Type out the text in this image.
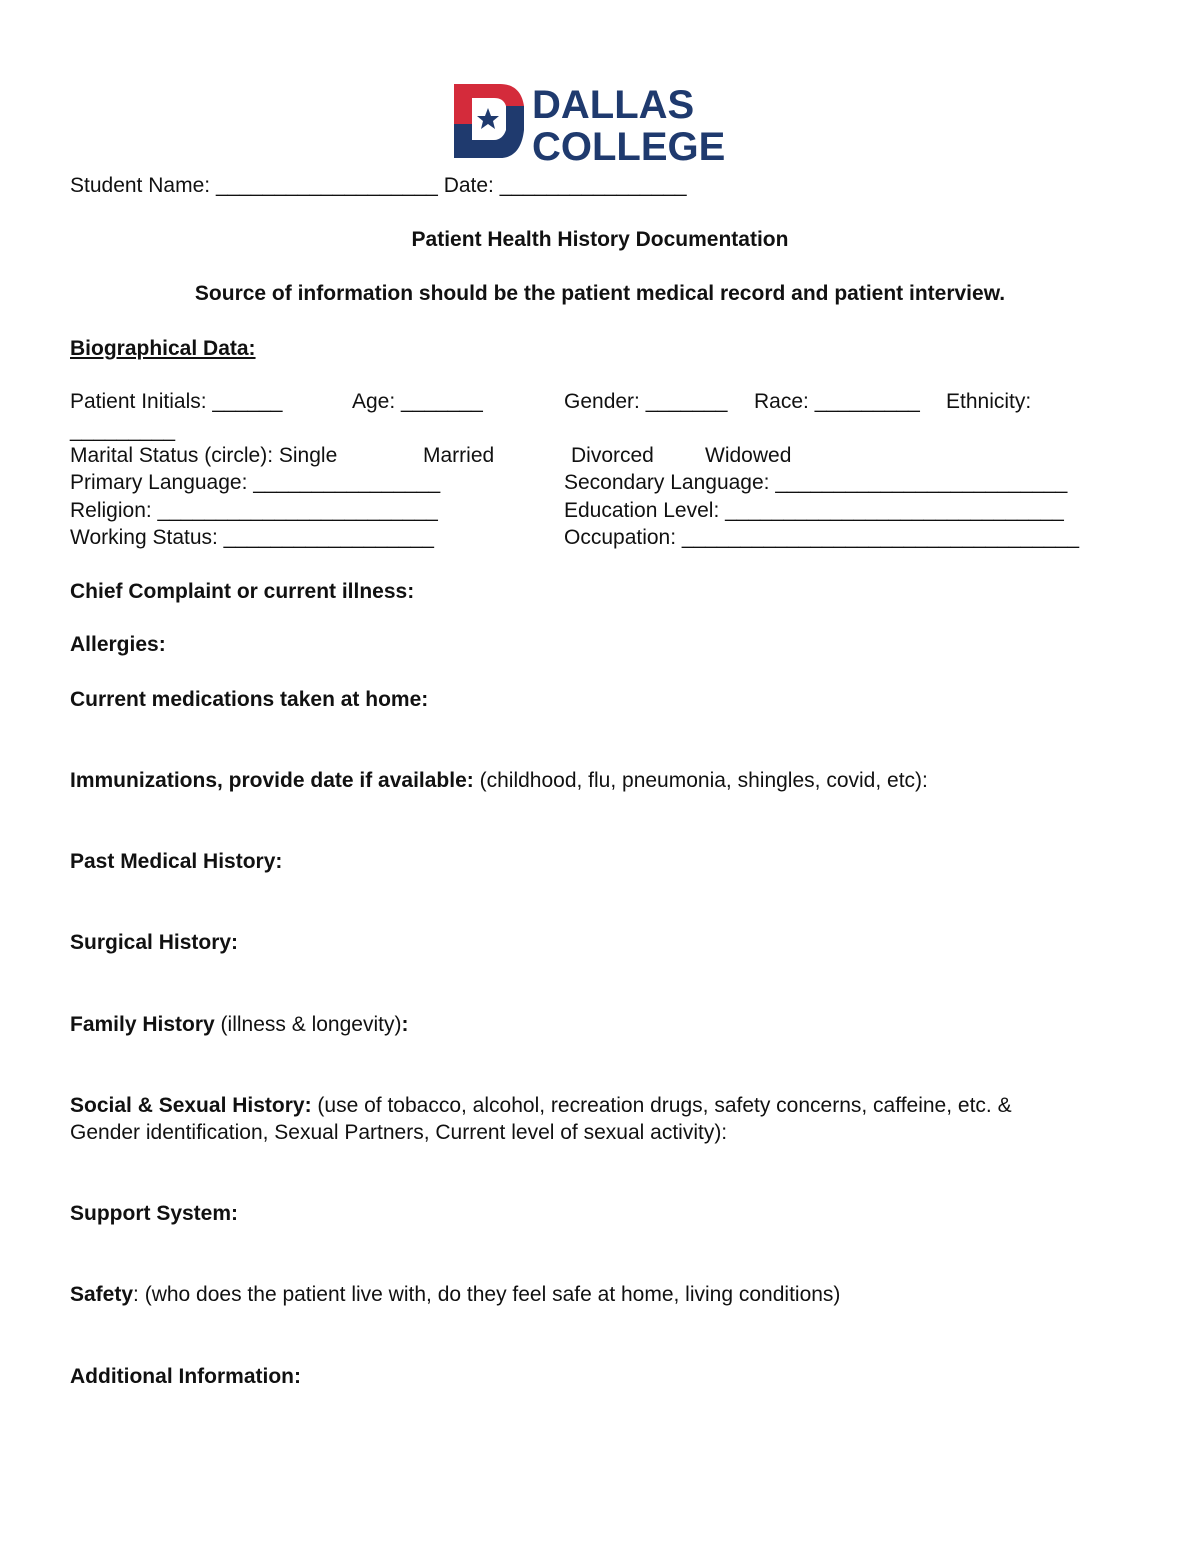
DALLAS
COLLEGE

Student Name: ___________________ Date: ________________

Patient Health History Documentation

Source of information should be the patient medical record and patient interview.

Biographical Data:

Patient Initials: ______	Age: _______	Gender: _______ Race: _________ Ethnicity:

_________

Marital Status (circle): Single	Married	Divorced Widowed

Primary Language: ________________	Secondary Language: _________________________

Religion: ________________________	Education Level: _____________________________

Working Status: __________________	Occupation: __________________________________

Chief Complaint or current illness:

Allergies:

Current medications taken at home:

Immunizations, provide date if available: (childhood, flu, pneumonia, shingles, covid, etc):

Past Medical History:

Surgical History:

Family History (illness & longevity):

Social & Sexual History: (use of tobacco, alcohol, recreation drugs, safety concerns, caffeine, etc. &

Gender identification, Sexual Partners, Current level of sexual activity):

Support System:

Safety: (who does the patient live with, do they feel safe at home, living conditions)

Additional Information:
